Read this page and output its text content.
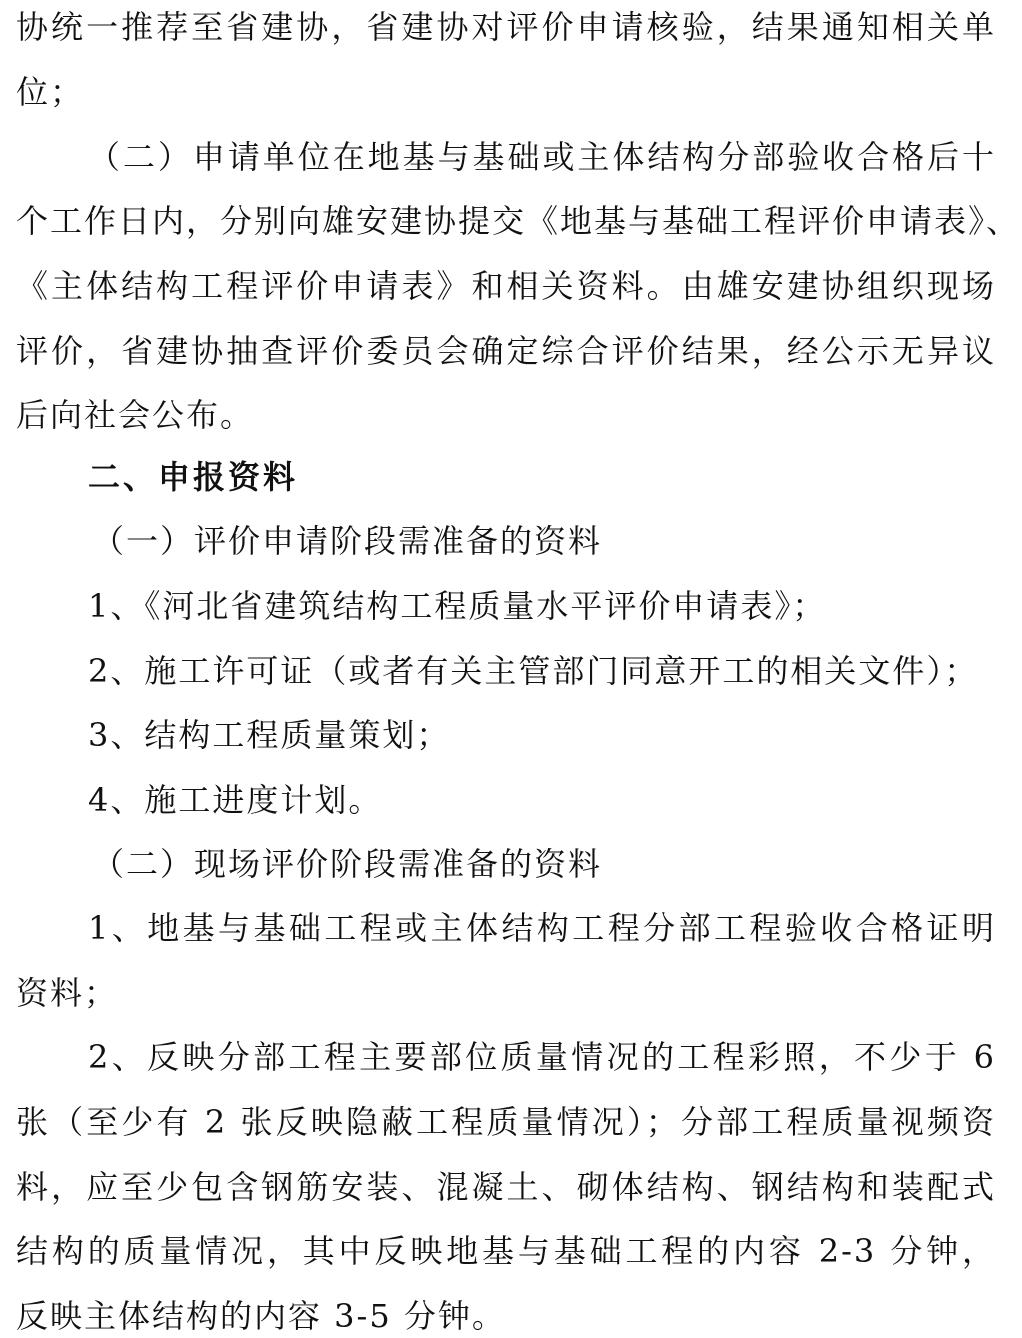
协统一推荐至省建协，省建协对评价申请核验，结果通知相关单
位；
（二）申请单位在地基与基础或主体结构分部验收合格后十
个工作日内，分别向雄安建协提交《地基与基础工程评价申请表》、
《主体结构工程评价申请表》和相关资料。由雄安建协组织现场
评价，省建协抽查评价委员会确定综合评价结果，经公示无异议
后向社会公布。
二、申报资料
（一）评价申请阶段需准备的资料
1、《河北省建筑结构工程质量水平评价申请表》；
2、施工许可证（或者有关主管部门同意开工的相关文件）；
3、结构工程质量策划；
4、施工进度计划。
（二）现场评价阶段需准备的资料
1、地基与基础工程或主体结构工程分部工程验收合格证明
资料；
2、反映分部工程主要部位质量情况的工程彩照，不少于 6
张（至少有 2 张反映隐蔽工程质量情况）；分部工程质量视频资
料，应至少包含钢筋安装、混凝土、砌体结构、钢结构和装配式
结构的质量情况，其中反映地基与基础工程的内容 2-3 分钟，
反映主体结构的内容 3-5 分钟。
